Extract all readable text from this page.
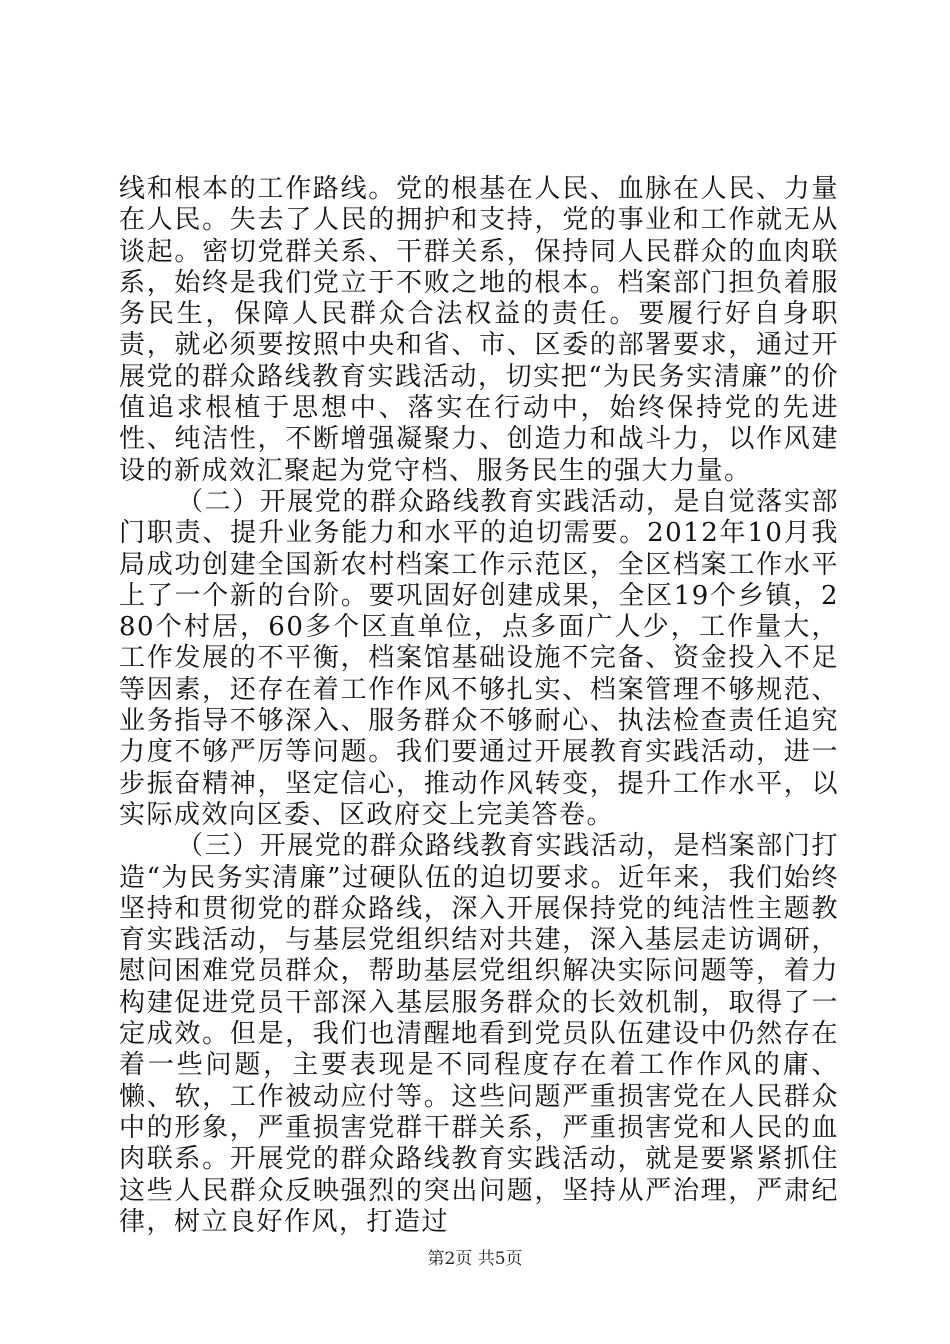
线和根本的工作路线。党的根基在人民、血脉在人民、力量在人民。失去了人民的拥护和支持，党的事业和工作就无从谈起。密切党群关系、干群关系，保持同人民群众的血肉联系，始终是我们党立于不败之地的根本。档案部门担负着服务民生，保障人民群众合法权益的责任。要履行好自身职责，就必须要按照中央和省、市、区委的部署要求，通过开展党的群众路线教育实践活动，切实把“为民务实清廉”的价值追求根植于思想中、落实在行动中，始终保持党的先进性、纯洁性，不断增强凝聚力、创造力和战斗力，以作风建设的新成效汇聚起为党守档、服务民生的强大力量。

（二）开展党的群众路线教育实践活动，是自觉落实部门职责、提升业务能力和水平的迫切需要。2012年10月我局成功创建全国新农村档案工作示范区，全区档案工作水平上了一个新的台阶。要巩固好创建成果，全区19个乡镇，280个村居，60多个区直单位，点多面广人少，工作量大，工作发展的不平衡，档案馆基础设施不完备、资金投入不足等因素，还存在着工作作风不够扎实、档案管理不够规范、业务指导不够深入、服务群众不够耐心、执法检查责任追究力度不够严厉等问题。我们要通过开展教育实践活动，进一步振奋精神，坚定信心，推动作风转变，提升工作水平，以实际成效向区委、区政府交上完美答卷。

（三）开展党的群众路线教育实践活动，是档案部门打造“为民务实清廉”过硬队伍的迫切要求。近年来，我们始终坚持和贯彻党的群众路线，深入开展保持党的纯洁性主题教育实践活动，与基层党组织结对共建，深入基层走访调研，慰问困难党员群众，帮助基层党组织解决实际问题等，着力构建促进党员干部深入基层服务群众的长效机制，取得了一定成效。但是，我们也清醒地看到党员队伍建设中仍然存在着一些问题，主要表现是不同程度存在着工作作风的庸、懒、软，工作被动应付等。这些问题严重损害党在人民群众中的形象，严重损害党群干群关系，严重损害党和人民的血肉联系。开展党的群众路线教育实践活动，就是要紧紧抓住这些人民群众反映强烈的突出问题，坚持从严治理，严肃纪律，树立良好作风，打造过

第2页 共5页
